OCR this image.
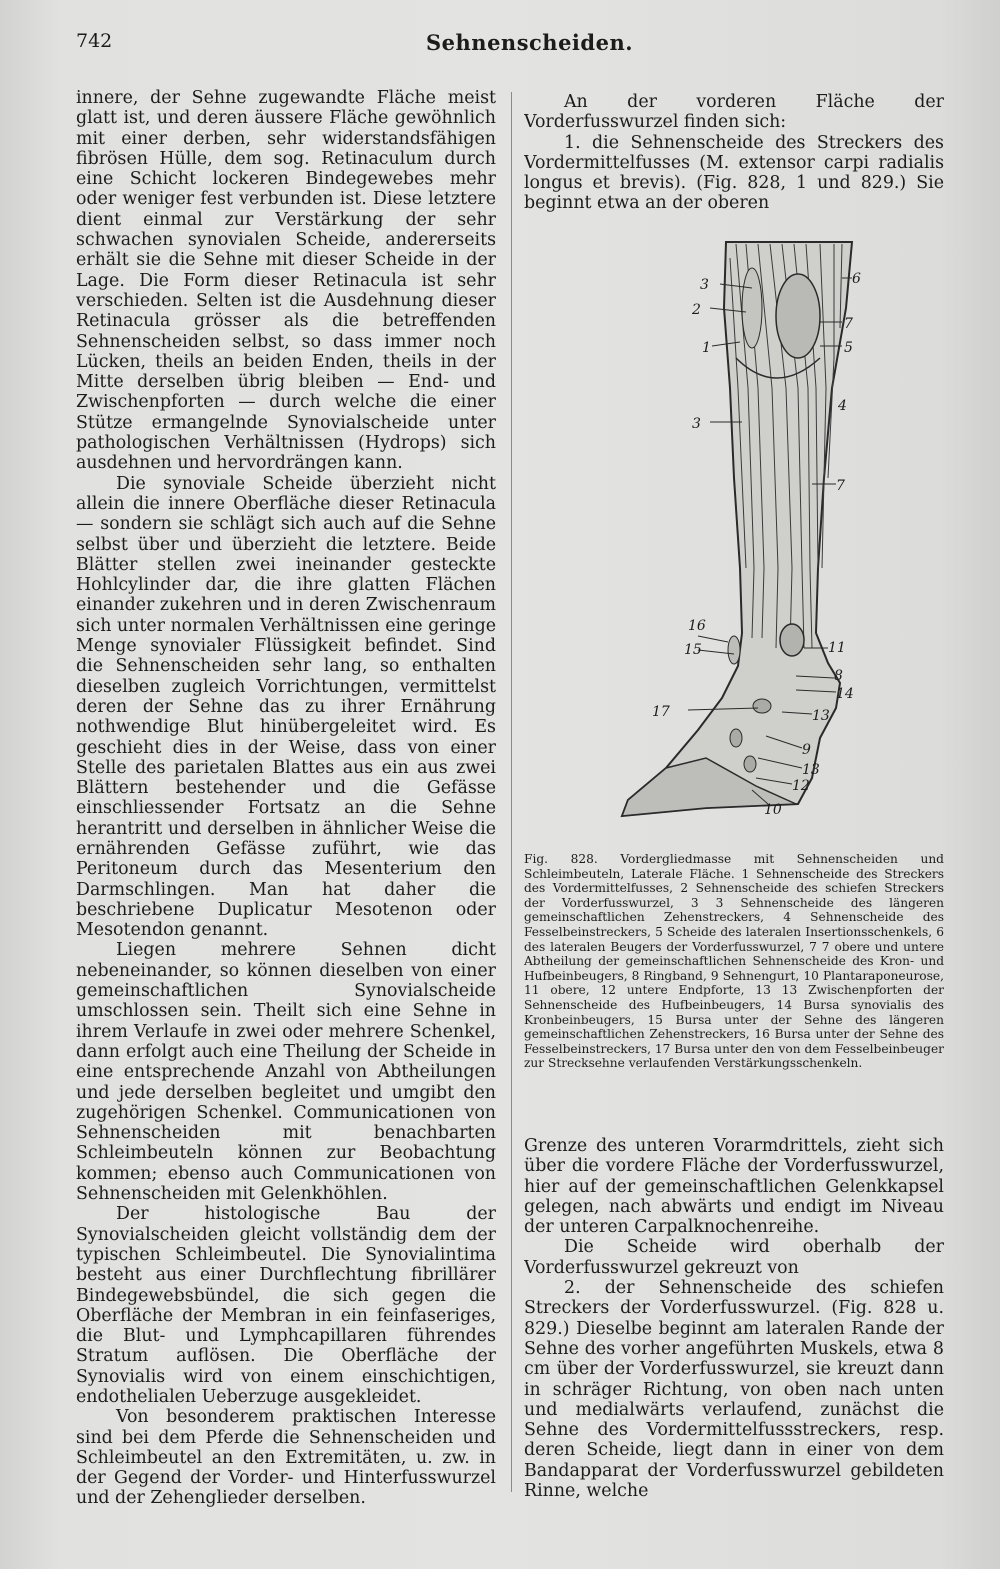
742	Sehnenscheiden.

innere, der Sehne zugewandte Fläche meist glatt ist, und deren äussere Fläche gewöhnlich mit einer derben, sehr widerstandsfähigen fibrösen Hülle, dem sog. Retinaculum durch eine Schicht lockeren Bindegewebes mehr oder weniger fest verbunden ist. Diese letztere dient einmal zur Verstärkung der sehr schwachen synovialen Scheide, andererseits erhält sie die Sehne mit dieser Scheide in der Lage. Die Form dieser Retinacula ist sehr verschieden. Selten ist die Ausdehnung dieser Retinacula grösser als die betreffenden Sehnenscheiden selbst, so dass immer noch Lücken, theils an beiden Enden, theils in der Mitte derselben übrig bleiben — End- und Zwischenpforten — durch welche die einer Stütze ermangelnde Synovialscheide unter pathologischen Verhältnissen (Hydrops) sich ausdehnen und hervordrängen kann.

Die synoviale Scheide überzieht nicht allein die innere Oberfläche dieser Retinacula — sondern sie schlägt sich auch auf die Sehne selbst über und überzieht die letztere. Beide Blätter stellen zwei ineinander gesteckte Hohlcylinder dar, die ihre glatten Flächen einander zukehren und in deren Zwischenraum sich unter normalen Verhältnissen eine geringe Menge synovialer Flüssigkeit befindet. Sind die Sehnenscheiden sehr lang, so enthalten dieselben zugleich Vorrichtungen, vermittelst deren der Sehne das zu ihrer Ernährung nothwendige Blut hinübergeleitet wird. Es geschieht dies in der Weise, dass von einer Stelle des parietalen Blattes aus ein aus zwei Blättern bestehender und die Gefässe einschliessender Fortsatz an die Sehne herantritt und derselben in ähnlicher Weise die ernährenden Gefässe zuführt, wie das Peritoneum durch das Mesenterium den Darmschlingen. Man hat daher die beschriebene Duplicatur Mesotenon oder Mesotendon genannt.

Liegen mehrere Sehnen dicht nebeneinander, so können dieselben von einer gemeinschaftlichen Synovialscheide umschlossen sein. Theilt sich eine Sehne in ihrem Verlaufe in zwei oder mehrere Schenkel, dann erfolgt auch eine Theilung der Scheide in eine entsprechende Anzahl von Abtheilungen und jede derselben begleitet und umgibt den zugehörigen Schenkel. Communicationen von Sehnenscheiden mit benachbarten Schleimbeuteln können zur Beobachtung kommen; ebenso auch Communicationen von Sehnenscheiden mit Gelenkhöhlen.

Der histologische Bau der Synovialscheiden gleicht vollständig dem der typischen Schleimbeutel. Die Synovialintima besteht aus einer Durchflechtung fibrillärer Bindegewebsbündel, die sich gegen die Oberfläche der Membran in ein feinfaseriges, die Blut- und Lymphcapillaren führendes Stratum auflösen. Die Oberfläche der Synovialis wird von einem einschichtigen, endothelialen Ueberzuge ausgekleidet.

Von besonderem praktischen Interesse sind bei dem Pferde die Sehnenscheiden und Schleimbeutel an den Extremitäten, u. zw. in der Gegend der Vorder- und Hinterfusswurzel und der Zehenglieder derselben.

An der vorderen Fläche der Vorderfusswurzel finden sich:

1. die Sehnenscheide des Streckers des Vordermittelfusses (M. extensor carpi radialis longus et brevis). (Fig. 828, 1 und 829.) Sie beginnt etwa an der oberen

3
2
1
3
6
7
5
4
7
16
15	11
8
14
17	13
9
13
12
10

Fig. 828. Vordergliedmasse mit Sehnenscheiden und Schleimbeuteln, Laterale Fläche. 1 Sehnenscheide des Streckers des Vordermittelfusses, 2 Sehnenscheide des schiefen Streckers der Vorderfusswurzel, 3 3 Sehnenscheide des längeren gemeinschaftlichen Zehenstreckers, 4 Sehnenscheide des Fesselbeinstreckers, 5 Scheide des lateralen Insertionsschenkels, 6 des lateralen Beugers der Vorderfusswurzel, 7 7 obere und untere Abtheilung der gemeinschaftlichen Sehnenscheide des Kron- und Hufbeinbeugers, 8 Ringband, 9 Sehnengurt, 10 Plantaraponeurose, 11 obere, 12 untere Endpforte, 13 13 Zwischenpforten der Sehnenscheide des Hufbeinbeugers, 14 Bursa synovialis des Kronbeinbeugers, 15 Bursa unter der Sehne des längeren gemeinschaftlichen Zehenstreckers, 16 Bursa unter der Sehne des Fesselbeinstreckers, 17 Bursa unter den von dem Fesselbeinbeuger zur Strecksehne verlaufenden Verstärkungsschenkeln.

Grenze des unteren Vorarmdrittels, zieht sich über die vordere Fläche der Vorderfusswurzel, hier auf der gemeinschaftlichen Gelenkkapsel gelegen, nach abwärts und endigt im Niveau der unteren Carpalknochenreihe.

Die Scheide wird oberhalb der Vorderfusswurzel gekreuzt von

2. der Sehnenscheide des schiefen Streckers der Vorderfusswurzel. (Fig. 828 u. 829.) Dieselbe beginnt am lateralen Rande der Sehne des vorher angeführten Muskels, etwa 8 cm über der Vorderfusswurzel, sie kreuzt dann in schräger Richtung, von oben nach unten und medialwärts verlaufend, zunächst die Sehne des Vordermittelfussstreckers, resp. deren Scheide, liegt dann in einer von dem Bandapparat der Vorderfusswurzel gebildeten Rinne, welche
